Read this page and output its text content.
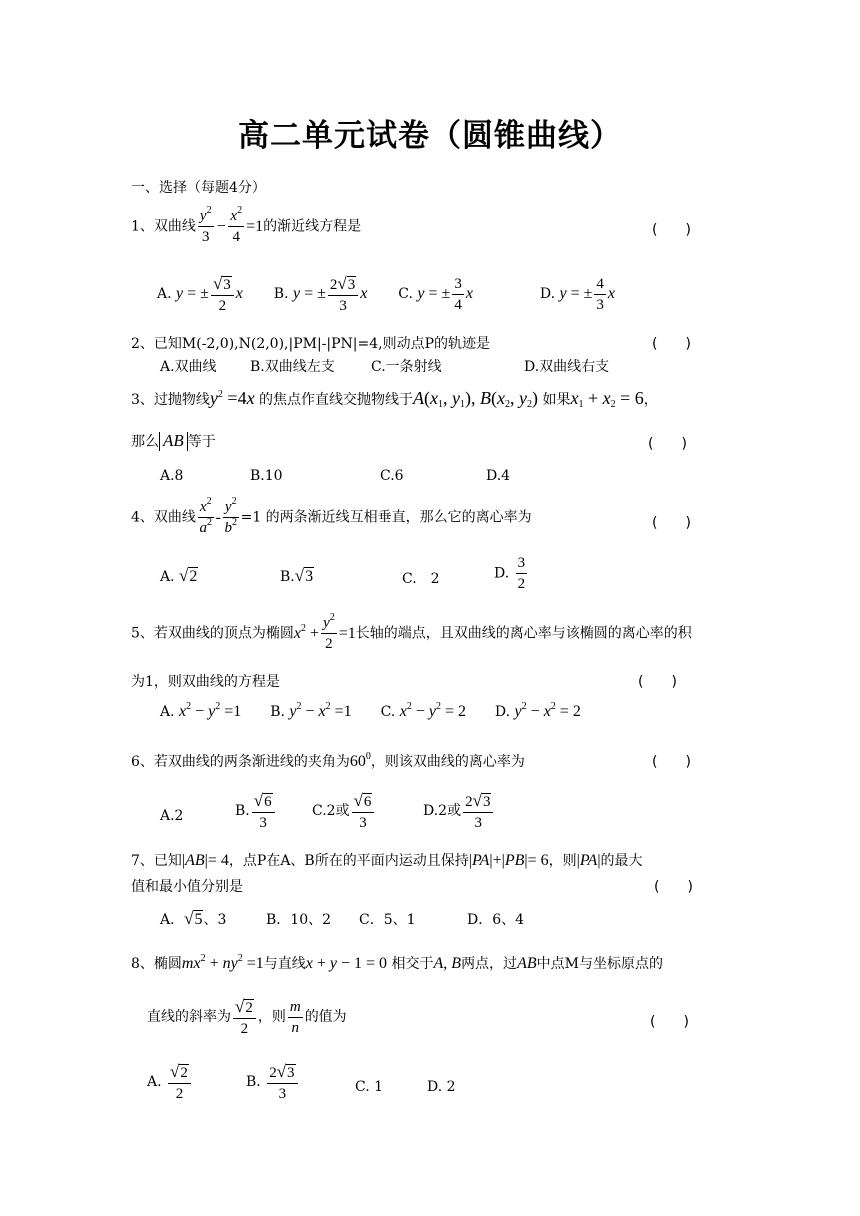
高二单元试卷（圆锥曲线）
一、选择（每题4分）
1、双曲线 $\frac{y^2}{3} - \frac{x^2}{4} =1$的渐近线方程是	(　　)
A. y = ± $\frac{√3}{2}$ x B. y = ± $\frac{2√3}{3}$ x C. y = ± $\frac{3}{4}$ x	D. y = ± $\frac{4}{3}$ x
2、已知M(-2,0),N(2,0),|PM|-|PN|=4,则动点P的轨迹是	(　　)
A.双曲线 B.双曲线左支	C.一条射线	D.双曲线右支
3、过抛物线$y^2 =4x$ 的焦点作直线交抛物线于$A(x_1$, $y_1$), $B(x_2$, $y_2$) 如果$x_1 + x_2 = 6$，
那么 AB 等于	(　　)
A.8	B.10	C.6	D.4
4、双曲线 $\frac{x^2}{a^2} - \frac{y^2}{b^2} =1$ 的两条渐近线互相垂直，那么它的离心率为	(　　)
A. √2	B.√3	C.　2	D. $\frac{3}{2}$
5、若双曲线的顶点为椭圆$x^2 + \frac{y^2}{2} =1$长轴的端点，且双曲线的离心率与该椭圆的离心率的积
为1，则双曲线的方程是	(　　)
A. $x^2 - y^2 =1$ B. $y^2 - x^2 =1$ C. $x^2 - y^2 = 2$ D. $y^2 - x^2 = 2$
6、若双曲线的两条渐进线的夹角为$60^0$，则该双曲线的离心率为	(　　)
A.2	B. $\frac{√6}{3}$	C.2或 $\frac{√6}{3}$	D.2或 $\frac{2√3}{3}$
7、已知|AB|= 4，点P在A、B所在的平面内运动且保持|PA|+|PB|= 6，则|PA|的最大
值和最小值分别是	(　　)
A．√5、3	B．10、2 C．5、1	D．6、4
8、椭圆$mx^2 + ny^2 =1$与直线x + y − 1 = 0 相交于A, B两点，过AB中点M与坐标原点的
直线的斜率为 $\frac{√2}{2}$ ，则 $\frac{m}{n}$ 的值为	(　　)
A. $\frac{√2}{2}$	B. $\frac{2√3}{3}$	C. 1	D. 2
